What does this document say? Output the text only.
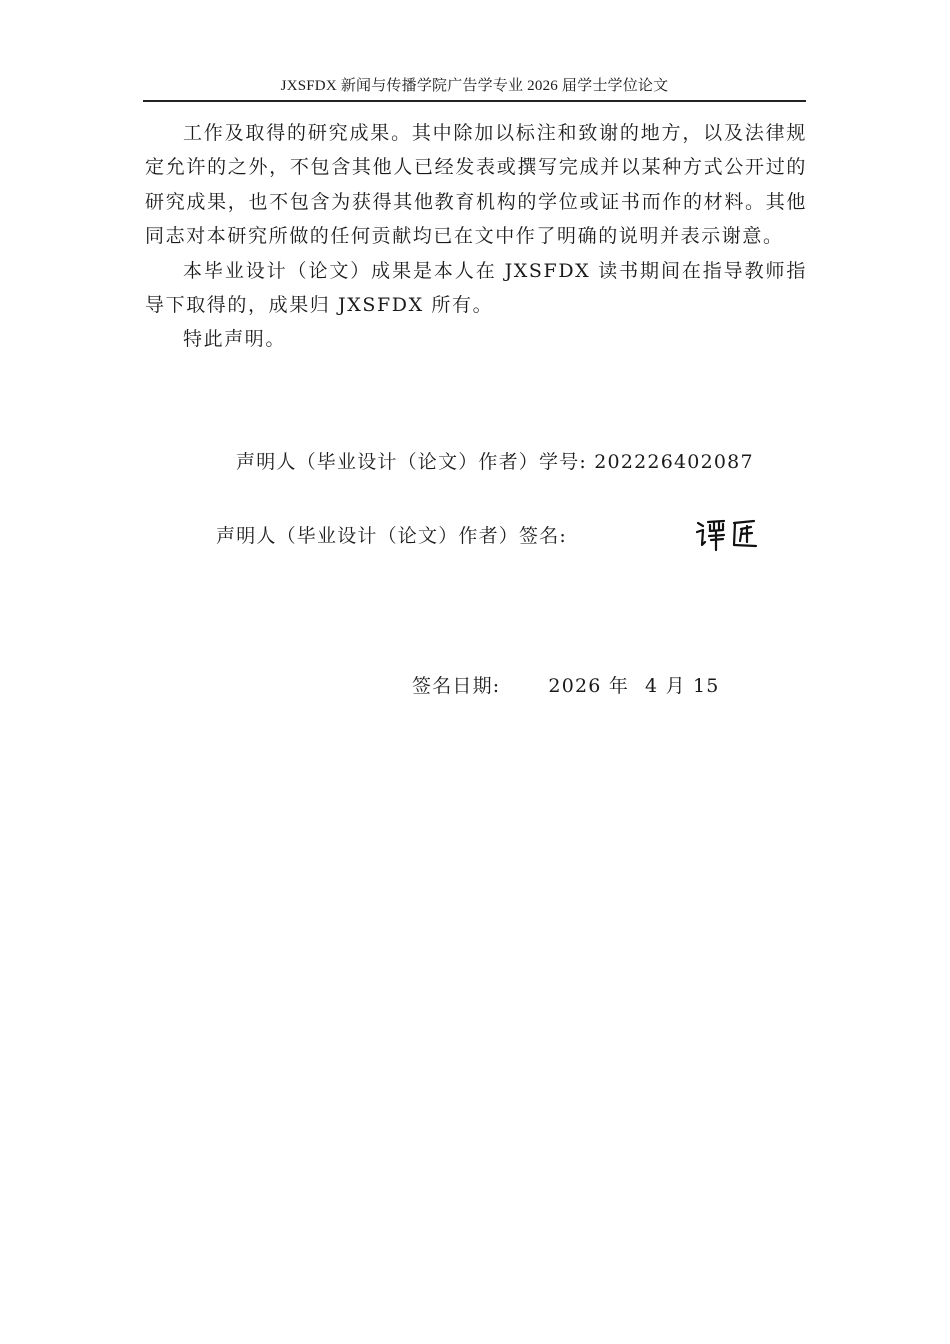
JXSFDX 新闻与传播学院广告学专业 2026 届学士学位论文

工作及取得的研究成果。其中除加以标注和致谢的地方，以及法律规定允许的之外，不包含其他人已经发表或撰写完成并以某种方式公开过的研究成果，也不包含为获得其他教育机构的学位或证书而作的材料。其他同志对本研究所做的任何贡献均已在文中作了明确的说明并表示谢意。

本毕业设计（论文）成果是本人在 JXSFDX 读书期间在指导教师指导下取得的，成果归 JXSFDX 所有。

特此声明。

声明人（毕业设计（论文）作者）学号: 202226402087
声明人（毕业设计（论文）作者）签名:
签名日期:	2026 年 4 月 15
